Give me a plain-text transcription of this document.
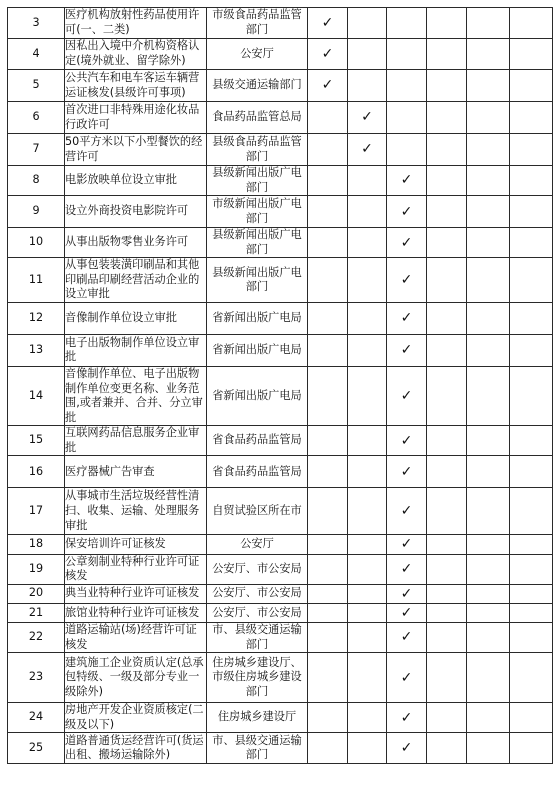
3	医疗机构放射性药品使用许可(一、二类)	市级食品药品监管部门	✓					
4	因私出入境中介机构资格认定(境外就业、留学除外)	公安厅	✓					
5	公共汽车和电车客运车辆营运证核发(县级许可事项)	县级交通运输部门	✓					
6	首次进口非特殊用途化妆品行政许可	食品药品监管总局		✓				
7	50平方米以下小型餐饮的经营许可	县级食品药品监管部门		✓				
8	电影放映单位设立审批	县级新闻出版广电部门			✓			
9	设立外商投资电影院许可	市级新闻出版广电部门			✓			
10	从事出版物零售业务许可	县级新闻出版广电部门			✓			
11	从事包装装潢印刷品和其他印刷品印刷经营活动企业的设立审批	县级新闻出版广电部门			✓			
12	音像制作单位设立审批	省新闻出版广电局			✓			
13	电子出版物制作单位设立审批	省新闻出版广电局			✓			
14	音像制作单位、电子出版物制作单位变更名称、业务范围,或者兼并、合并、分立审批	省新闻出版广电局			✓			
15	互联网药品信息服务企业审批	省食品药品监管局			✓			
16	医疗器械广告审查	省食品药品监管局			✓			
17	从事城市生活垃圾经营性清扫、收集、运输、处理服务审批	自贸试验区所在市			✓			
18	保安培训许可证核发	公安厅			✓			
19	公章刻制业特种行业许可证核发	公安厅、市公安局			✓			
20	典当业特种行业许可证核发	公安厅、市公安局			✓			
21	旅馆业特种行业许可证核发	公安厅、市公安局			✓			
22	道路运输站(场)经营许可证核发	市、县级交通运输部门			✓			
23	建筑施工企业资质认定(总承包特级、一级及部分专业一级除外)	住房城乡建设厅、市级住房城乡建设部门			✓			
24	房地产开发企业资质核定(二级及以下)	住房城乡建设厅			✓			
25	道路普通货运经营许可(货运出租、搬场运输除外)	市、县级交通运输部门			✓			
